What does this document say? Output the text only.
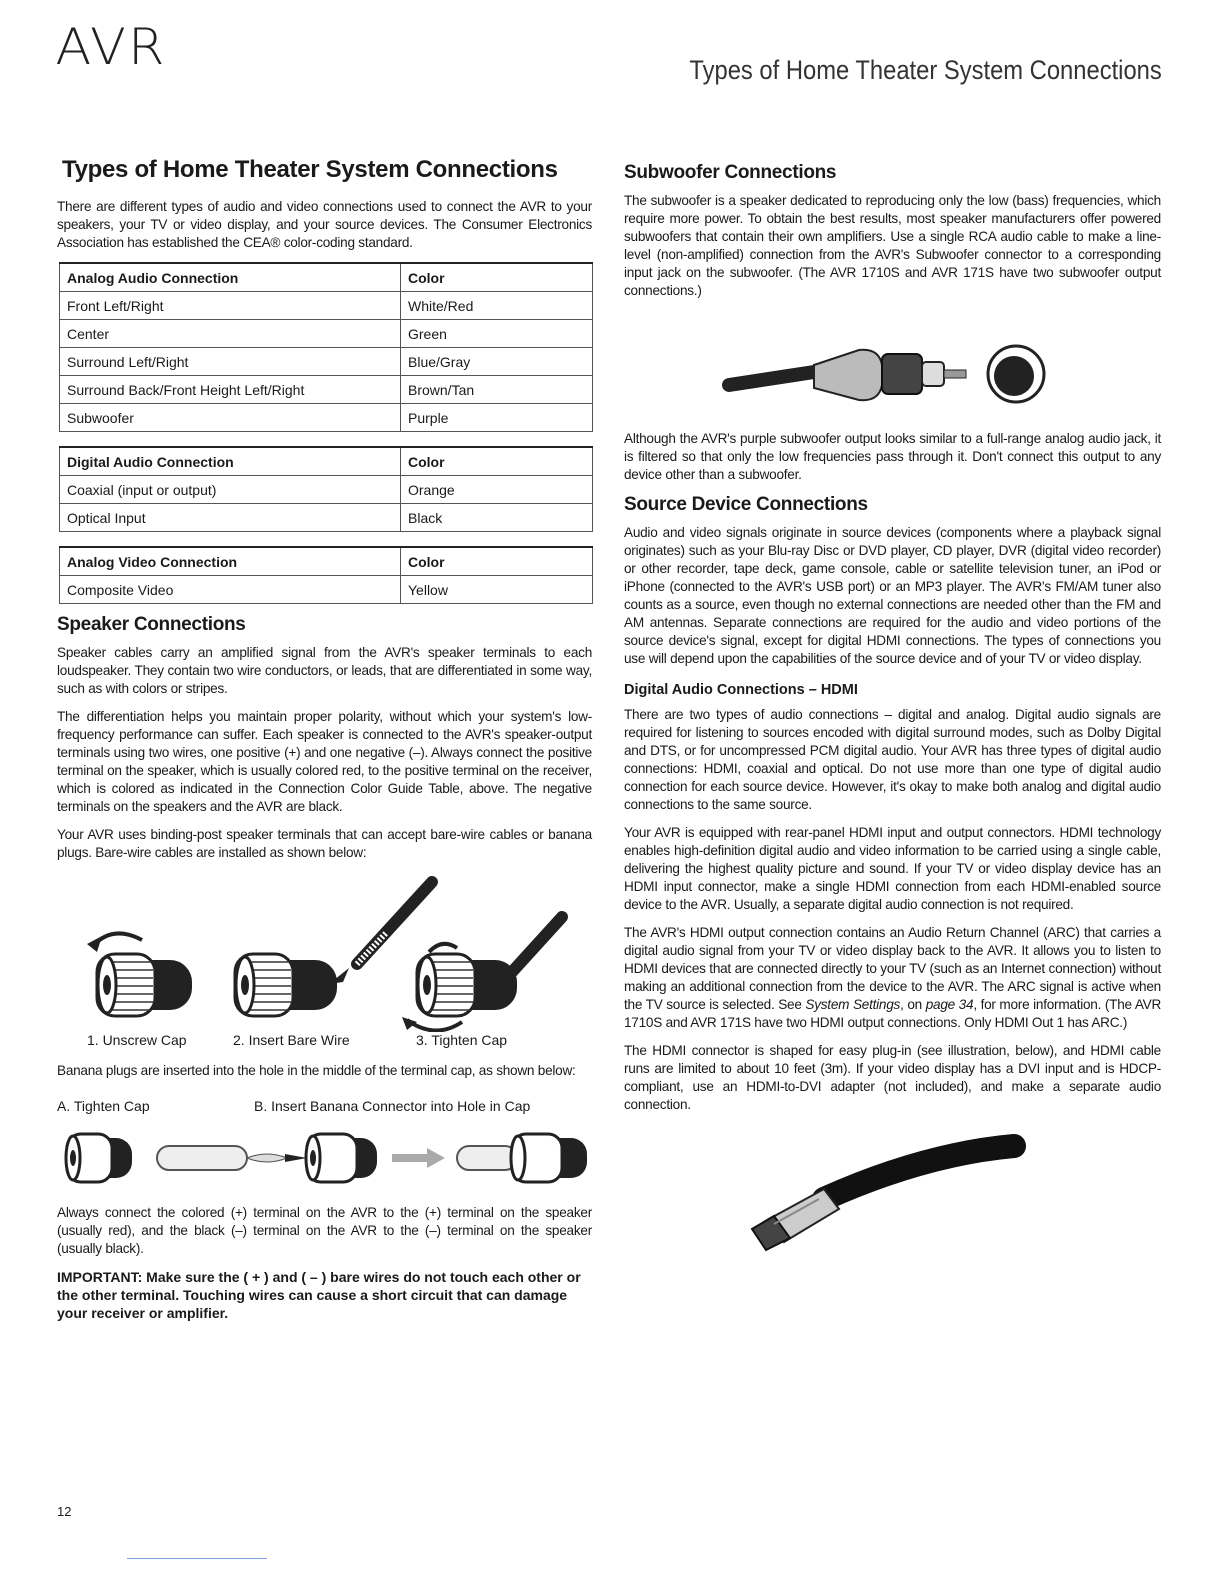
AVR	Types of Home Theater System Connections
Types of Home Theater System Connections

There are different types of audio and video connections used to connect the AVR to your speakers, your TV or video display, and your source devices. The Consumer Electronics Association has established the CEA® color-coding standard.

Analog Audio Connection	Color
Front Left/Right	White/Red
Center	Green
Surround Left/Right	Blue/Gray
Surround Back/Front Height Left/Right	Brown/Tan
Subwoofer	Purple
Digital Audio Connection	Color
Coaxial (input or output)	Orange
Optical Input	Black
Analog Video Connection	Color
Composite Video	Yellow
Speaker Connections

Speaker cables carry an amplified signal from the AVR's speaker terminals to each loudspeaker. They contain two wire conductors, or leads, that are differentiated in some way, such as with colors or stripes.

The differentiation helps you maintain proper polarity, without which your system's low-frequency performance can suffer. Each speaker is connected to the AVR's speaker-output terminals using two wires, one positive (+) and one negative (–). Always connect the positive terminal on the speaker, which is usually colored red, to the positive terminal on the receiver, which is colored as indicated in the Connection Color Guide Table, above. The negative terminals on the speakers and the AVR are black.

Your AVR uses binding-post speaker terminals that can accept bare-wire cables or banana plugs. Bare-wire cables are installed as shown below:

1. Unscrew Cap	2. Insert Bare Wire	3. Tighten Cap

Banana plugs are inserted into the hole in the middle of the terminal cap, as shown below:

A. Tighten Cap	B. Insert Banana Connector into Hole in Cap

Always connect the colored (+) terminal on the AVR to the (+) terminal on the speaker (usually red), and the black (–) terminal on the AVR to the (–) terminal on the speaker (usually black).

IMPORTANT: Make sure the ( + ) and ( – ) bare wires do not touch each other or the other terminal. Touching wires can cause a short circuit that can damage your receiver or amplifier.
Subwoofer Connections

The subwoofer is a speaker dedicated to reproducing only the low (bass) frequencies, which require more power. To obtain the best results, most speaker manufacturers offer powered subwoofers that contain their own amplifiers. Use a single RCA audio cable to make a line-level (non-amplified) connection from the AVR's Subwoofer connector to a corresponding input jack on the subwoofer. (The AVR 1710S and AVR 171S have two subwoofer output connections.)

Although the AVR's purple subwoofer output looks similar to a full-range analog audio jack, it is filtered so that only the low frequencies pass through it. Don't connect this output to any device other than a subwoofer.

Source Device Connections

Audio and video signals originate in source devices (components where a playback signal originates) such as your Blu-ray Disc or DVD player, CD player, DVR (digital video recorder) or other recorder, tape deck, game console, cable or satellite television tuner, an iPod or iPhone (connected to the AVR's USB port) or an MP3 player. The AVR's FM/AM tuner also counts as a source, even though no external connections are needed other than the FM and AM antennas. Separate connections are required for the audio and video portions of the source device's signal, except for digital HDMI connections. The types of connections you use will depend upon the capabilities of the source device and of your TV or video display.

Digital Audio Connections – HDMI

There are two types of audio connections – digital and analog. Digital audio signals are required for listening to sources encoded with digital surround modes, such as Dolby Digital and DTS, or for uncompressed PCM digital audio. Your AVR has three types of digital audio connections: HDMI, coaxial and optical. Do not use more than one type of digital audio connection for each source device. However, it's okay to make both analog and digital audio connections to the same source.

Your AVR is equipped with rear-panel HDMI input and output connectors. HDMI technology enables high-definition digital audio and video information to be carried using a single cable, delivering the highest quality picture and sound. If your TV or video display device has an HDMI input connector, make a single HDMI connection from each HDMI-enabled source device to the AVR. Usually, a separate digital audio connection is not required.

The AVR's HDMI output connection contains an Audio Return Channel (ARC) that carries a digital audio signal from your TV or video display back to the AVR. It allows you to listen to HDMI devices that are connected directly to your TV (such as an Internet connection) without making an additional connection from the device to the AVR. The ARC signal is active when the TV source is selected. See System Settings, on page 34, for more information. (The AVR 1710S and AVR 171S have two HDMI output connections. Only HDMI Out 1 has ARC.)

The HDMI connector is shaped for easy plug-in (see illustration, below), and HDMI cable runs are limited to about 10 feet (3m). If your video display has a DVI input and is HDCP-compliant, use an HDMI-to-DVI adapter (not included), and make a separate audio connection.

12
